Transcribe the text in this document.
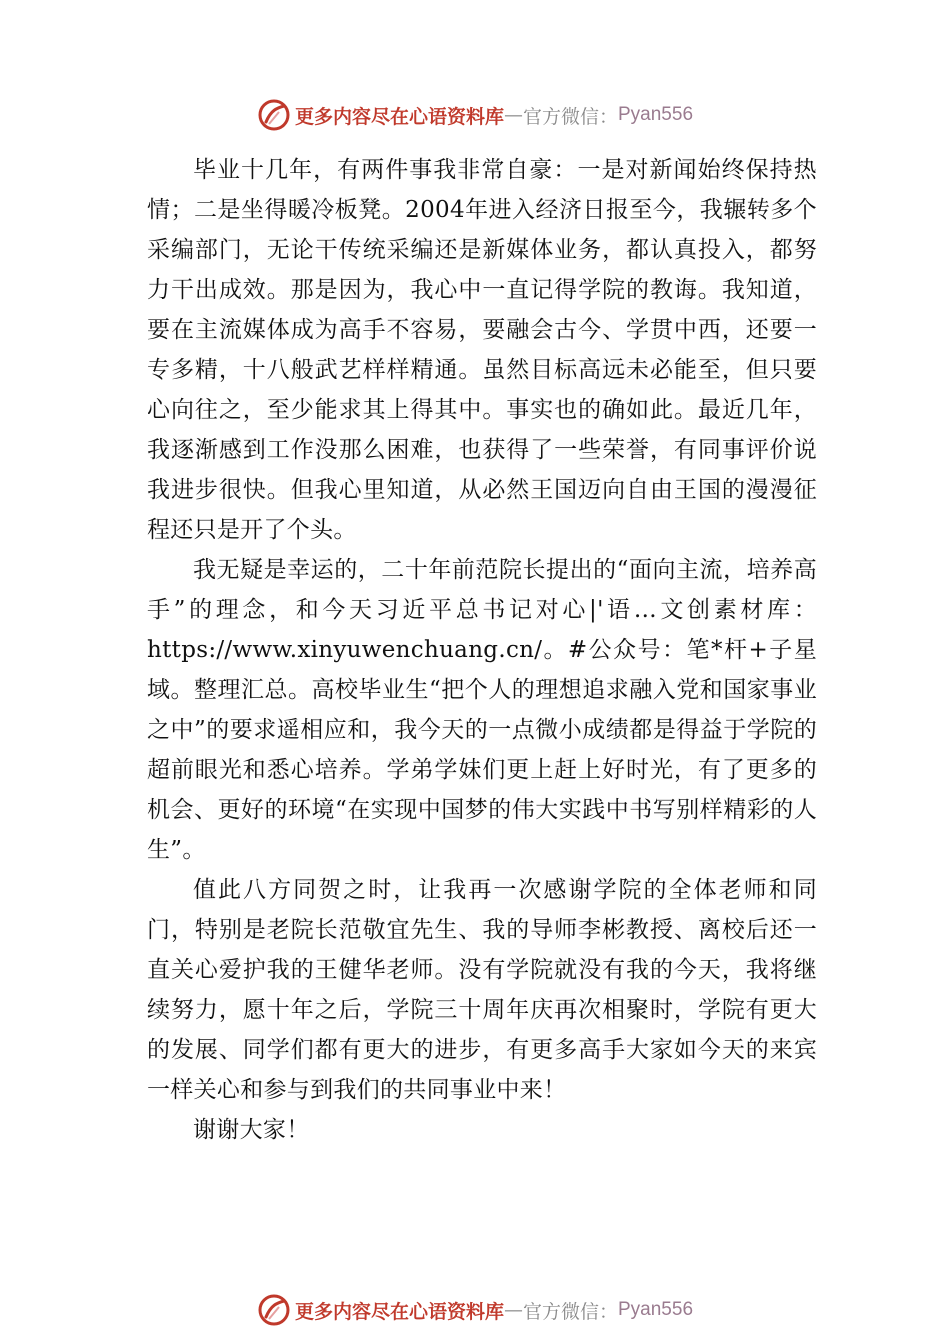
更多内容尽在心语资料库 — 官方微信： Pyan556

毕业十几年，有两件事我非常自豪：一是对新闻始终保持热情；二是坐得暖冷板凳。2004年进入经济日报至今，我辗转多个采编部门，无论干传统采编还是新媒体业务，都认真投入，都努力干出成效。那是因为，我心中一直记得学院的教诲。我知道，要在主流媒体成为高手不容易，要融会古今、学贯中西，还要一专多精，十八般武艺样样精通。虽然目标高远未必能至，但只要心向往之，至少能求其上得其中。事实也的确如此。最近几年，我逐渐感到工作没那么困难，也获得了一些荣誉，有同事评价说我进步很快。但我心里知道，从必然王国迈向自由王国的漫漫征程还只是开了个头。

我无疑是幸运的，二十年前范院长提出的“面向主流，培养高手”的理念，和今天习近平总书记对心|'语…文创素材库：https://www.xinyuwenchuang.cn/。#公众号：笔*杆+子星域。整理汇总。高校毕业生“把个人的理想追求融入党和国家事业之中”的要求遥相应和，我今天的一点微小成绩都是得益于学院的超前眼光和悉心培养。学弟学妹们更上赶上好时光，有了更多的机会、更好的环境“在实现中国梦的伟大实践中书写别样精彩的人生”。

值此八方同贺之时，让我再一次感谢学院的全体老师和同门，特别是老院长范敬宜先生、我的导师李彬教授、离校后还一直关心爱护我的王健华老师。没有学院就没有我的今天，我将继续努力，愿十年之后，学院三十周年庆再次相聚时，学院有更大的发展、同学们都有更大的进步，有更多高手大家如今天的来宾一样关心和参与到我们的共同事业中来！

谢谢大家！

更多内容尽在心语资料库 — 官方微信： Pyan556
